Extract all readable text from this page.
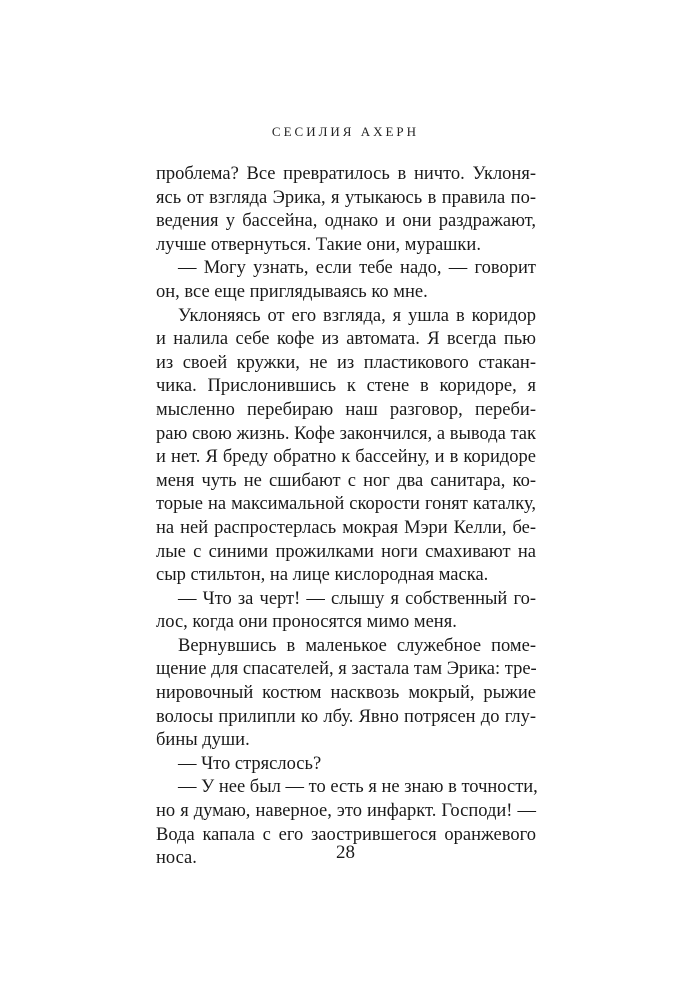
СЕСИЛИЯ АХЕРН
проблема? Все превратилось в ничто. Уклоня-
ясь от взгляда Эрика, я утыкаюсь в правила по-
ведения у бассейна, однако и они раздражают,
лучше отвернуться. Такие они, мурашки.
— Могу узнать, если тебе надо, — говорит
он, все еще приглядываясь ко мне.
Уклоняясь от его взгляда, я ушла в коридор
и налила себе кофе из автомата. Я всегда пью
из своей кружки, не из пластикового стакан-
чика. Прислонившись к стене в коридоре, я
мысленно перебираю наш разговор, переби-
раю свою жизнь. Кофе закончился, а вывода так
и нет. Я бреду обратно к бассейну, и в коридоре
меня чуть не сшибают с ног два санитара, ко-
торые на максимальной скорости гонят каталку,
на ней распростерлась мокрая Мэри Келли, бе-
лые с синими прожилками ноги смахивают на
сыр стильтон, на лице кислородная маска.
— Что за черт! — слышу я собственный го-
лос, когда они проносятся мимо меня.
Вернувшись в маленькое служебное поме-
щение для спасателей, я застала там Эрика: тре-
нировочный костюм насквозь мокрый, рыжие
волосы прилипли ко лбу. Явно потрясен до глу-
бины души.
— Что стряслось?
— У нее был — то есть я не знаю в точности,
но я думаю, наверное, это инфаркт. Господи! —
Вода капала с его заострившегося оранжевого
носа.	28
